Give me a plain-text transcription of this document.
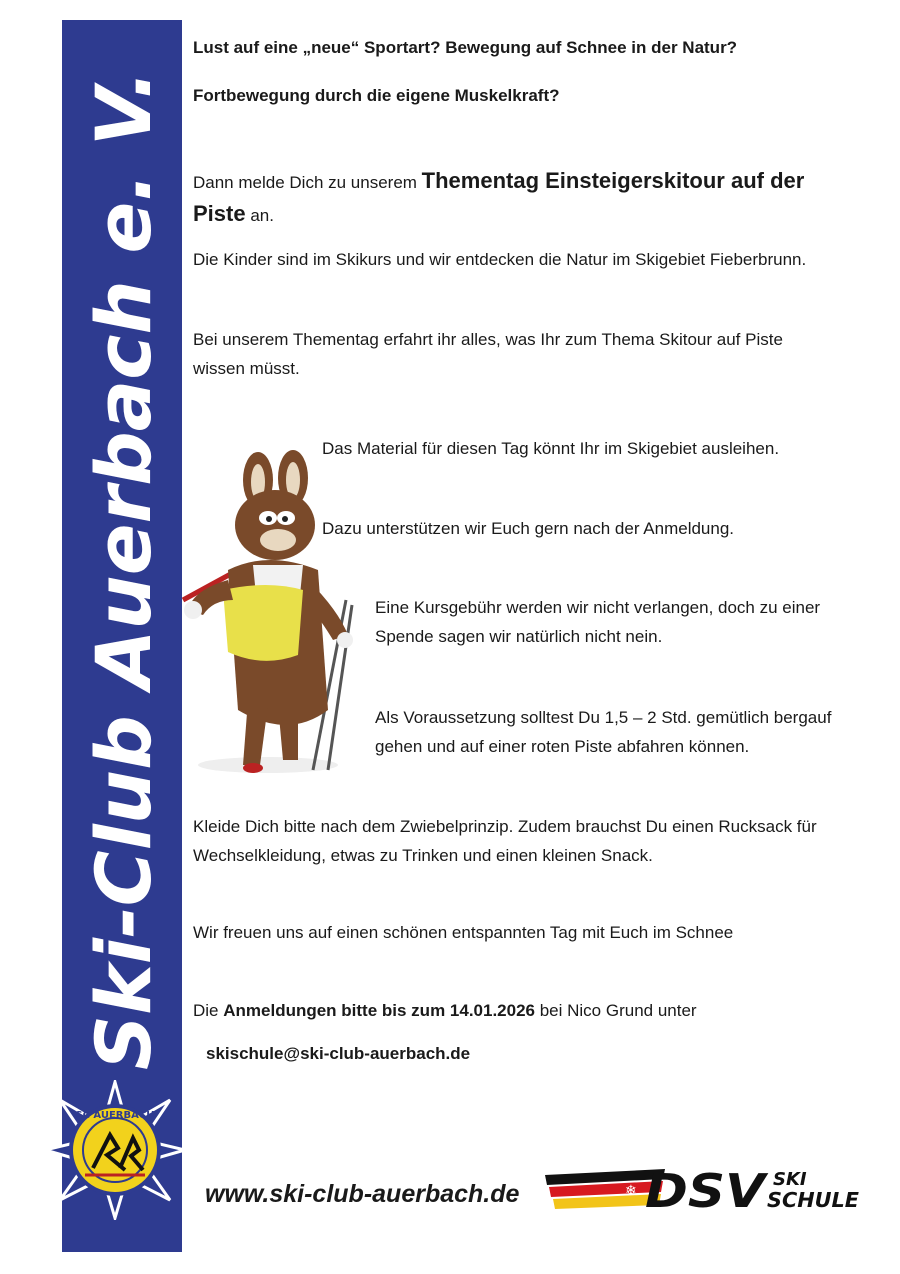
Ski-Club Auerbach e. V.
Lust auf eine „neue“ Sportart? Bewegung auf Schnee in der Natur?
Fortbewegung durch die eigene Muskelkraft?
Dann melde Dich zu unserem Thementag Einsteigerskitour auf der
Piste an.
Die Kinder sind im Skikurs und wir entdecken die Natur im Skigebiet Fieberbrunn.
Bei unserem Thementag erfahrt ihr alles, was Ihr zum Thema Skitour auf Piste
wissen müsst.
Das Material für diesen Tag könnt Ihr im Skigebiet ausleihen.
Dazu unterstützen wir Euch gern nach der Anmeldung.
Eine Kursgebühr werden wir nicht verlangen, doch zu einer
Spende sagen wir natürlich nicht nein.
Als Voraussetzung solltest Du 1,5 – 2 Std. gemütlich bergauf
gehen und auf einer roten Piste abfahren können.
Kleide Dich bitte nach dem Zwiebelprinzip. Zudem brauchst Du einen Rucksack für
Wechselkleidung, etwas zu Trinken und einen kleinen Snack.
Wir freuen uns auf einen schönen entspannten Tag mit Euch im Schnee
Die Anmeldungen bitte bis zum 14.01.2026 bei Nico Grund unter
skischule@ski-club-auerbach.de
SC AUERBACH
www.ski-club-auerbach.de	❄ DSV SKI
SCHULE
